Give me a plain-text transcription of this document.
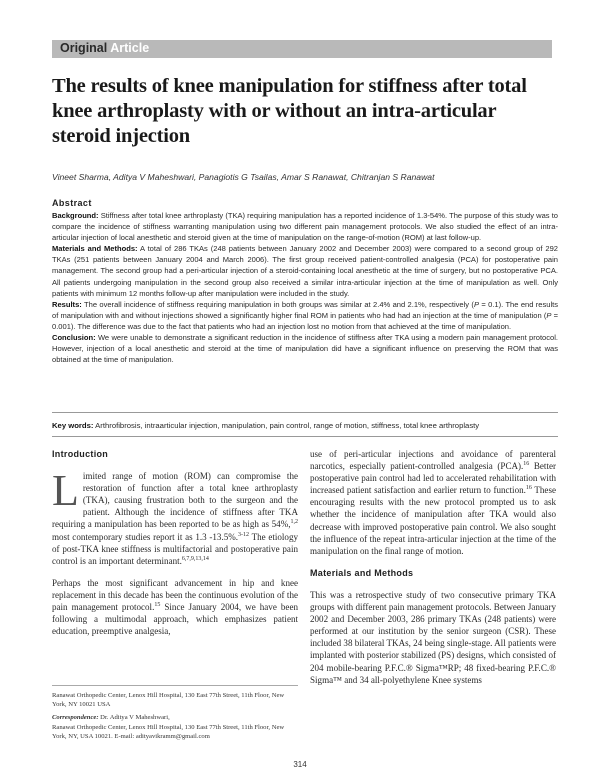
Original Article
The results of knee manipulation for stiffness after total knee arthroplasty with or without an intra-articular steroid injection
Vineet Sharma, Aditya V Maheshwari, Panagiotis G Tsailas, Amar S Ranawat, Chitranjan S Ranawat
Abstract

Background: Stiffness after total knee arthroplasty (TKA) requiring manipulation has a reported incidence of 1.3-54%. The purpose of this study was to compare the incidence of stiffness warranting manipulation using two different pain management protocols. We also studied the effect of an intra-articular injection of local anesthetic and steroid given at the time of manipulation on the range-of-motion (ROM) at last follow-up.

Materials and Methods: A total of 286 TKAs (248 patients between January 2002 and December 2003) were compared to a second group of 292 TKAs (251 patients between January 2004 and March 2006). The first group received patient-controlled analgesia (PCA) for postoperative pain management. The second group had a peri-articular injection of a steroid-containing local anesthetic at the time of surgery, but no postoperative PCA. All patients undergoing manipulation in the second group also received a similar intra-articular injection at the time of manipulation as well. Only patients with minimum 12 months follow-up after manipulation were included in the study.

Results: The overall incidence of stiffness requiring manipulation in both groups was similar at 2.4% and 2.1%, respectively (P = 0.1). The end results of manipulation with and without injections showed a significantly higher final ROM in patients who had had an injection at the time of manipulation (P = 0.001). The difference was due to the fact that patients who had an injection lost no motion from that achieved at the time of manipulation.

Conclusion: We were unable to demonstrate a significant reduction in the incidence of stiffness after TKA using a modern pain management protocol. However, injection of a local anesthetic and steroid at the time of manipulation did have a significant influence on preserving the ROM that was obtained at the time of manipulation.

Key words: Arthrofibrosis, intraarticular injection, manipulation, pain control, range of motion, stiffness, total knee arthroplasty
Introduction
Limited range of motion (ROM) can compromise the restoration of function after a total knee arthroplasty (TKA), causing frustration both to the surgeon and the patient. Although the incidence of stiffness after TKA requiring a manipulation has been reported to be as high as 54%,$^{1,2}$ most contemporary studies report it as 1.3 -13.5%.$^{3-12}$ The etiology of post-TKA knee stiffness is multifactorial and postoperative pain control is an important determinant.$^{6,7,9,13,14}$
Perhaps the most significant advancement in hip and knee replacement in this decade has been the continuous evolution of the pain management protocol.$^{15}$ Since January 2004, we have been following a multimodal approach, which emphasizes patient education, preemptive analgesia,
use of peri-articular injections and avoidance of parenteral narcotics, especially patient-controlled analgesia (PCA).$^{16}$ Better postoperative pain control had led to accelerated rehabilitation with increased patient satisfaction and earlier return to function.$^{16}$ These encouraging results with the new protocol prompted us to ask whether the incidence of manipulation after TKA would also decrease with improved postoperative pain control. We also sought the influence of the repeat intra-articular injection at the time of the manipulation on the final range of motion.
Materials and Methods
This was a retrospective study of two consecutive primary TKA groups with different pain management protocols. Between January 2002 and December 2003, 286 primary TKAs (248 patients) were performed at our institution by the senior surgeon (CSR). These included 38 bilateral TKAs, 24 being single-stage. All patients were implanted with posterior stabilized (PS) designs, which consisted of 204 mobile-bearing P.F.C.® Sigma™RP; 48 fixed-bearing P.F.C.® Sigma™ and 34 all-polyethylene Knee systems
Ranawat Orthopedic Center, Lenox Hill Hospital, 130 East 77th Street, 11th Floor, New York, NY 10021 USA
Correspondence: Dr. Aditya V Maheshwari,
Ranawat Orthopedic Center, Lenox Hill Hospital, 130 East 77th Street, 11th Floor, New York, NY, USA 10021. E-mail: adityavikramm@gmail.com
314
